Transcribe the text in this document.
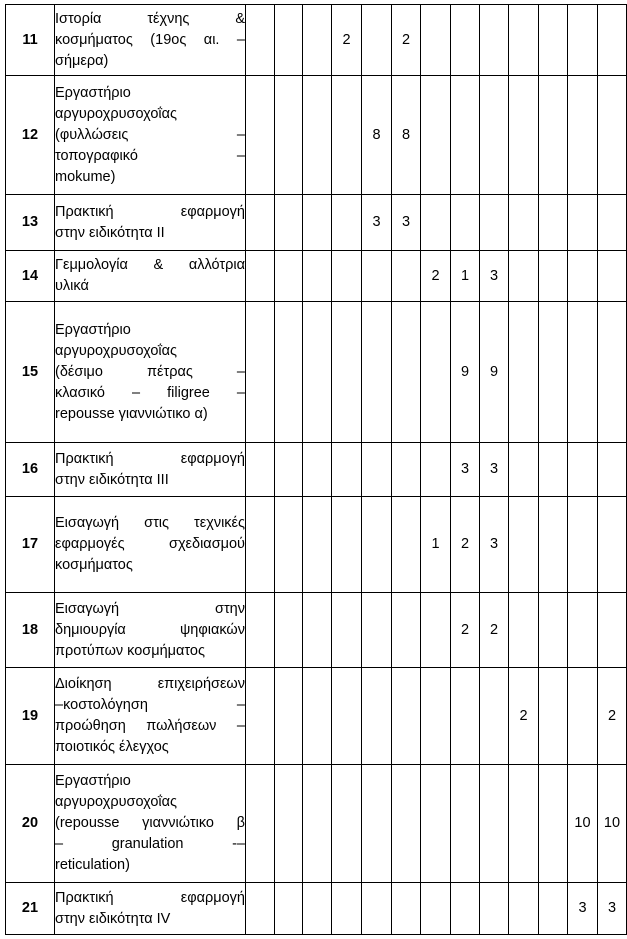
11	Ιστορία τέχνης &
κοσμήματος (19ος αι. –
σήμερα)				2		2							
12	Εργαστήριο
αργυροχρυσοχοΐας
(φυλλώσεις –
τοπογραφικό –
mokume)					8	8							
13	Πρακτική εφαρμογή
στην ειδικότητα ΙΙ					3	3							
14	Γεμμολογία & αλλότρια
υλικά							2	1	3				
15	Εργαστήριο
αργυροχρυσοχοΐας
(δέσιμο πέτρας –
κλασικό – filigree –
repousse γιαννιώτικο α)								9	9				
16	Πρακτική εφαρμογή
στην ειδικότητα ΙΙΙ								3	3				
17	Εισαγωγή στις τεχνικές
εφαρμογές σχεδιασμού
κοσμήματος							1	2	3				
18	Εισαγωγή στην
δημιουργία ψηφιακών
προτύπων κοσμήματος								2	2				
19	Διοίκηση επιχειρήσεων
–κοστολόγηση –
προώθηση πωλήσεων –
ποιοτικός έλεγχος										2			2
20	Εργαστήριο
αργυροχρυσοχοΐας
(repousse γιαννιώτικο β
– granulation -–
reticulation)												10	10
21	Πρακτική εφαρμογή
στην ειδικότητα ΙV												3	3
